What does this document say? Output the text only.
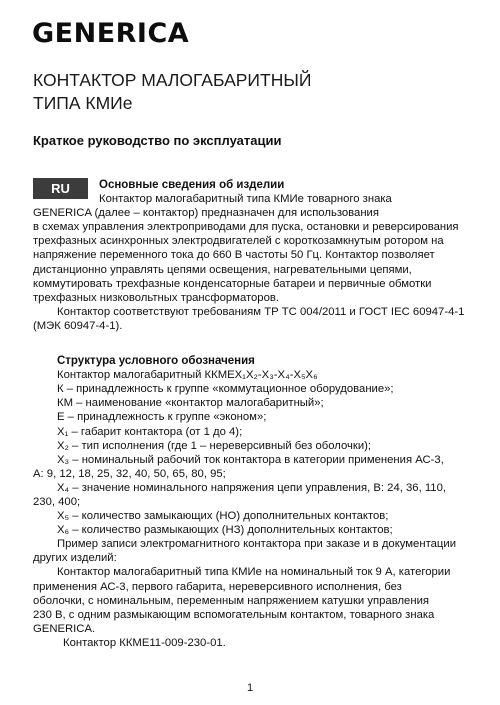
GENERICA
КОНТАКТОР МАЛОГАБАРИТНЫЙ
ТИПА КМИе
Краткое руководство по эксплуатации
RU	Основные сведения об изделии
Контактор малогабаритный типа КМИе товарного знака
GENERICA (далее – контактор) предназначен для использования
в схемах управления электроприводами для пуска, остановки и реверсирования
трехфазных асинхронных электродвигателей с короткозамкнутым ротором на
напряжение переменного тока до 660 В частоты 50 Гц. Контактор позволяет
дистанционно управлять цепями освещения, нагревательными цепями,
коммутировать трехфазные конденсаторные батареи и первичные обмотки
трехфазных низковольтных трансформаторов.
Контактор соответствуют требованиям ТР ТС 004/2011 и ГОСТ IEC 60947-4-1
(МЭК 60947-4-1).
Структура условного обозначения
Контактор малогабаритный ККМЕХ₁Х₂-Х₃-Х₄-Х₅Х₆
К – принадлежность к группе «коммутационное оборудование»;
КМ – наименование «контактор малогабаритный»;
Е – принадлежность к группе «эконом»;
Х₁ – габарит контактора (от 1 до 4);
Х₂ – тип исполнения (где 1 – нереверсивный без оболочки);
Х₃ – номинальный рабочий ток контактора в категории применения АС-3,
А: 9, 12, 18, 25, 32, 40, 50, 65, 80, 95;
Х₄ – значение номинального напряжения цепи управления, В: 24, 36, 110,
230, 400;
Х₅ – количество замыкающих (НО) дополнительных контактов;
Х₆ – количество размыкающих (НЗ) дополнительных контактов;
Пример записи электромагнитного контактора при заказе и в документации
других изделий:
Контактор малогабаритный типа КМИе на номинальный ток 9 А, категории
применения АС-3, первого габарита, нереверсивного исполнения, без
оболочки, с номинальным, переменным напряжением катушки управления
230 В, с одним размыкающим вспомогательным контактом, товарного знака
GENERICA.
Контактор ККМЕ11-009-230-01.
1
